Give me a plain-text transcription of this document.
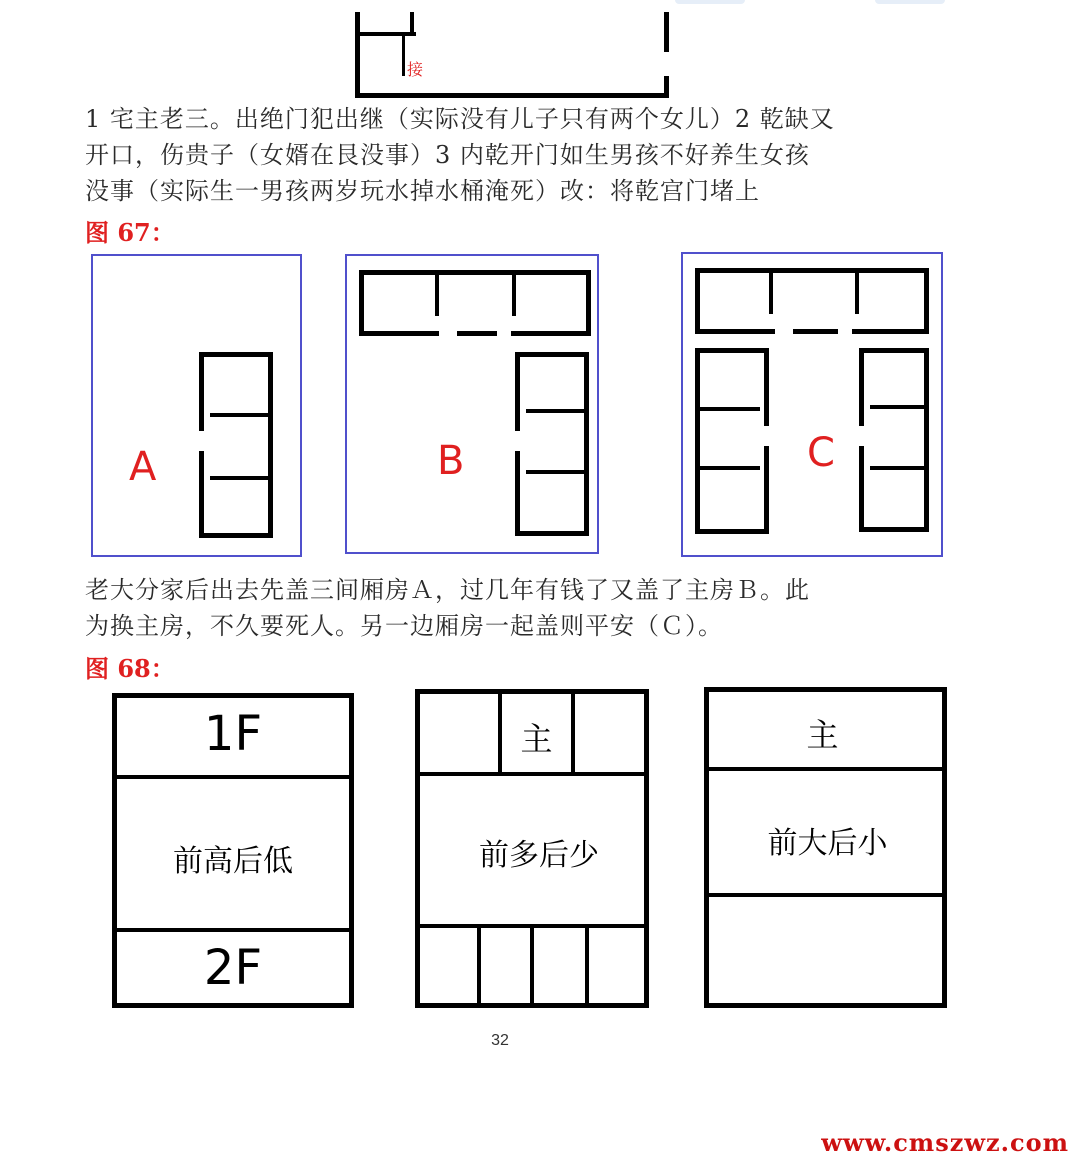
接
1 宅主老三。出绝门犯出继（实际没有儿子只有两个女儿）2 乾缺又
开口，伤贵子（女婿在艮没事）3 内乾开门如生男孩不好养生女孩
没事（实际生一男孩两岁玩水掉水桶淹死）改：将乾宫门堵上
图 67：
A	B	C
老大分家后出去先盖三间厢房Ａ，过几年有钱了又盖了主房Ｂ。此
为换主房，不久要死人。另一边厢房一起盖则平安（Ｃ）。
图 68：
1F
前高后低
2F
主
前多后少
主
前大后小
32
www.cmszwz.com
